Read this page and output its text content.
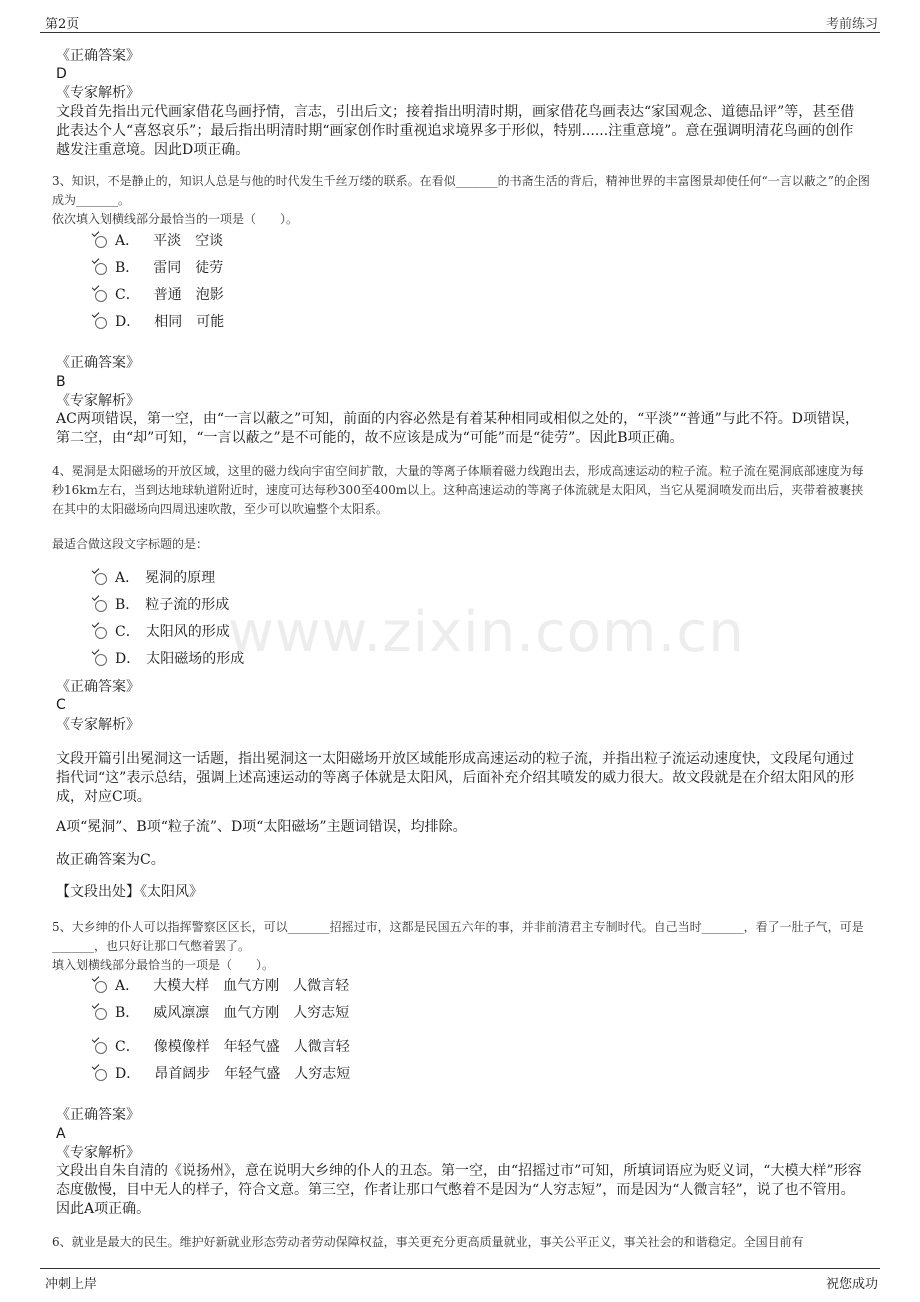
第2页	考前练习
www.zixin.com.cn
《正确答案》
D
《专家解析》
文段首先指出元代画家借花鸟画抒情，言志，引出后文；接着指出明清时期，画家借花鸟画表达“家国观念、道德品评”等，甚至借此表达个人“喜怒哀乐”；最后指出明清时期“画家创作时重视追求境界多于形似，特别......注重意境”。意在强调明清花鸟画的创作越发注重意境。因此D项正确。
3、知识，不是静止的，知识人总是与他的时代发生千丝万缕的联系。在看似_______的书斋生活的背后，精神世界的丰富图景却使任何“一言以蔽之”的企图成为_______。
依次填入划横线部分最恰当的一项是（　　）。
A． 平淡 空谈
B． 雷同 徒劳
C． 普通 泡影
D． 相同 可能
《正确答案》
B
《专家解析》
AC两项错误，第一空，由“一言以蔽之”可知，前面的内容必然是有着某种相同或相似之处的，“平淡”“普通”与此不符。D项错误，第二空，由“却”可知，“一言以蔽之”是不可能的，故不应该是成为“可能”而是“徒劳”。因此B项正确。
4、冕洞是太阳磁场的开放区域，这里的磁力线向宇宙空间扩散，大量的等离子体顺着磁力线跑出去，形成高速运动的粒子流。粒子流在冕洞底部速度为每秒16km左右，当到达地球轨道附近时，速度可达每秒300至400m以上。这种高速运动的等离子体流就是太阳风，当它从冕洞喷发而出后，夹带着被裹挟在其中的太阳磁场向四周迅速吹散，至少可以吹遍整个太阳系。
最适合做这段文字标题的是：
A． 冕洞的原理
B． 粒子流的形成
C． 太阳风的形成
D． 太阳磁场的形成
《正确答案》
C
《专家解析》
文段开篇引出冕洞这一话题，指出冕洞这一太阳磁场开放区域能形成高速运动的粒子流，并指出粒子流运动速度快，文段尾句通过指代词“这”表示总结，强调上述高速运动的等离子体就是太阳风，后面补充介绍其喷发的威力很大。故文段就是在介绍太阳风的形成，对应C项。
A项“冕洞”、B项“粒子流”、D项“太阳磁场”主题词错误，均排除。
故正确答案为C。
【文段出处】《太阳风》
5、大乡绅的仆人可以指挥警察区区长，可以_______招摇过市，这都是民国五六年的事，并非前清君主专制时代。自己当时_______，看了一肚子气，可是_______，也只好让那口气憋着罢了。
填入划横线部分最恰当的一项是（　　）。
A． 大模大样 血气方刚 人微言轻
B． 威风凛凛 血气方刚 人穷志短
C． 像模像样 年轻气盛 人微言轻
D． 昂首阔步 年轻气盛 人穷志短
《正确答案》
A
《专家解析》
文段出自朱自清的《说扬州》，意在说明大乡绅的仆人的丑态。第一空，由“招摇过市”可知，所填词语应为贬义词，“大模大样”形容态度傲慢，目中无人的样子，符合文意。第三空，作者让那口气憋着不是因为“人穷志短”，而是因为“人微言轻”，说了也不管用。因此A项正确。
6、就业是最大的民生。维护好新就业形态劳动者劳动保障权益，事关更充分更高质量就业，事关公平正义，事关社会的和谐稳定。全国目前有
冲刺上岸	祝您成功
